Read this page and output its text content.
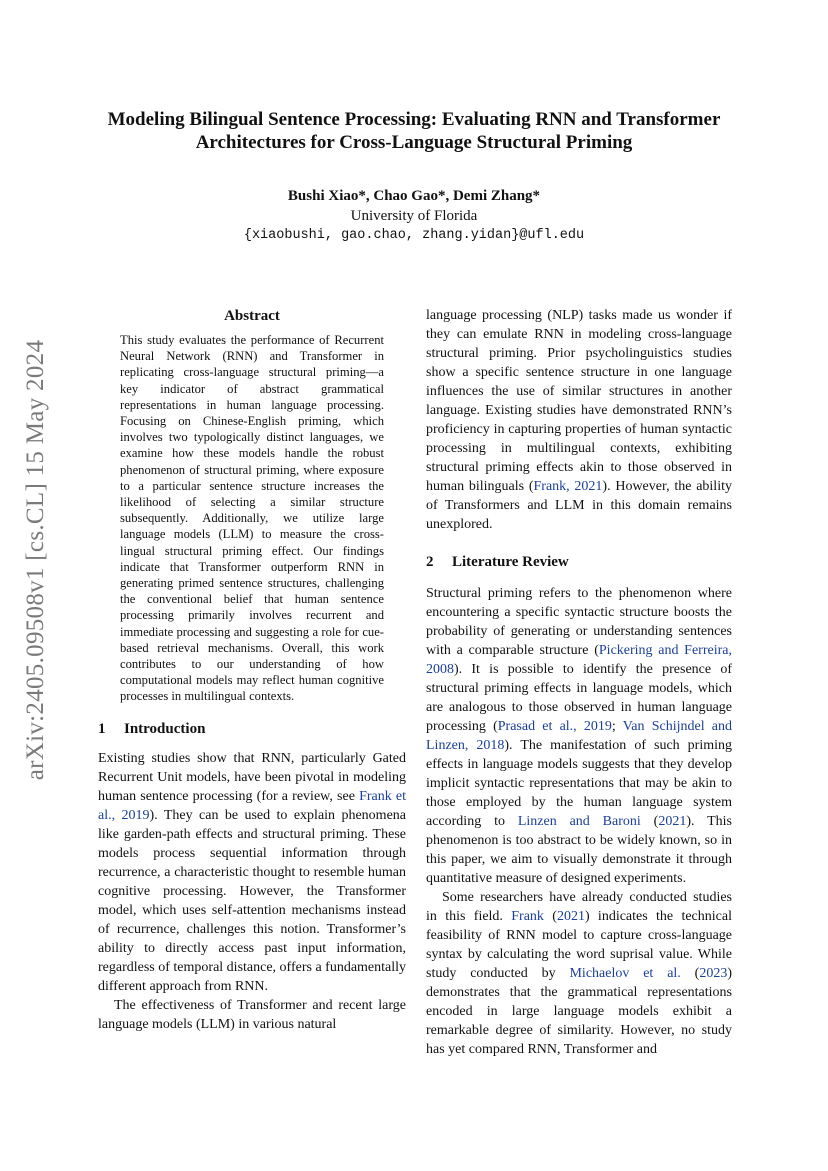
arXiv:2405.09508v1 [cs.CL] 15 May 2024
Modeling Bilingual Sentence Processing: Evaluating RNN and Transformer
Architectures for Cross-Language Structural Priming
Bushi Xiao*, Chao Gao*, Demi Zhang*
University of Florida
{xiaobushi, gao.chao, zhang.yidan}@ufl.edu
Abstract

This study evaluates the performance of Recurrent Neural Network (RNN) and Transformer in replicating cross-language structural priming—a key indicator of abstract grammatical representations in human language processing. Focusing on Chinese-English priming, which involves two typologically distinct languages, we examine how these models handle the robust phenomenon of structural priming, where exposure to a particular sentence structure increases the likelihood of selecting a similar structure subsequently. Additionally, we utilize large language models (LLM) to measure the cross-lingual structural priming effect. Our findings indicate that Transformer outperform RNN in generating primed sentence structures, challenging the conventional belief that human sentence processing primarily involves recurrent and immediate processing and suggesting a role for cue-based retrieval mechanisms. Overall, this work contributes to our understanding of how computational models may reflect human cognitive processes in multilingual contexts.

1 Introduction

Existing studies show that RNN, particularly Gated Recurrent Unit models, have been pivotal in modeling human sentence processing (for a review, see Frank et al., 2019). They can be used to explain phenomena like garden-path effects and structural priming. These models process sequential information through recurrence, a characteristic thought to resemble human cognitive processing. However, the Transformer model, which uses self-attention mechanisms instead of recurrence, challenges this notion. Transformer’s ability to directly access past input information, regardless of temporal distance, offers a fundamentally different approach from RNN.

The effectiveness of Transformer and recent large language models (LLM) in various natural

language processing (NLP) tasks made us wonder if they can emulate RNN in modeling cross-language structural priming. Prior psycholinguistics studies show a specific sentence structure in one language influences the use of similar structures in another language. Existing studies have demonstrated RNN’s proficiency in capturing properties of human syntactic processing in multilingual contexts, exhibiting structural priming effects akin to those observed in human bilinguals (Frank, 2021). However, the ability of Transformers and LLM in this domain remains unexplored.

2 Literature Review

Structural priming refers to the phenomenon where encountering a specific syntactic structure boosts the probability of generating or understanding sentences with a comparable structure (Pickering and Ferreira, 2008). It is possible to identify the presence of structural priming effects in language models, which are analogous to those observed in human language processing (Prasad et al., 2019; Van Schijndel and Linzen, 2018). The manifestation of such priming effects in language models suggests that they develop implicit syntactic representations that may be akin to those employed by the human language system according to Linzen and Baroni (2021). This phenomenon is too abstract to be widely known, so in this paper, we aim to visually demonstrate it through quantitative measure of designed experiments.

Some researchers have already conducted studies in this field. Frank (2021) indicates the technical feasibility of RNN model to capture cross-language syntax by calculating the word suprisal value. While study conducted by Michaelov et al. (2023) demonstrates that the grammatical representations encoded in large language models exhibit a remarkable degree of similarity. However, no study has yet compared RNN, Transformer and
